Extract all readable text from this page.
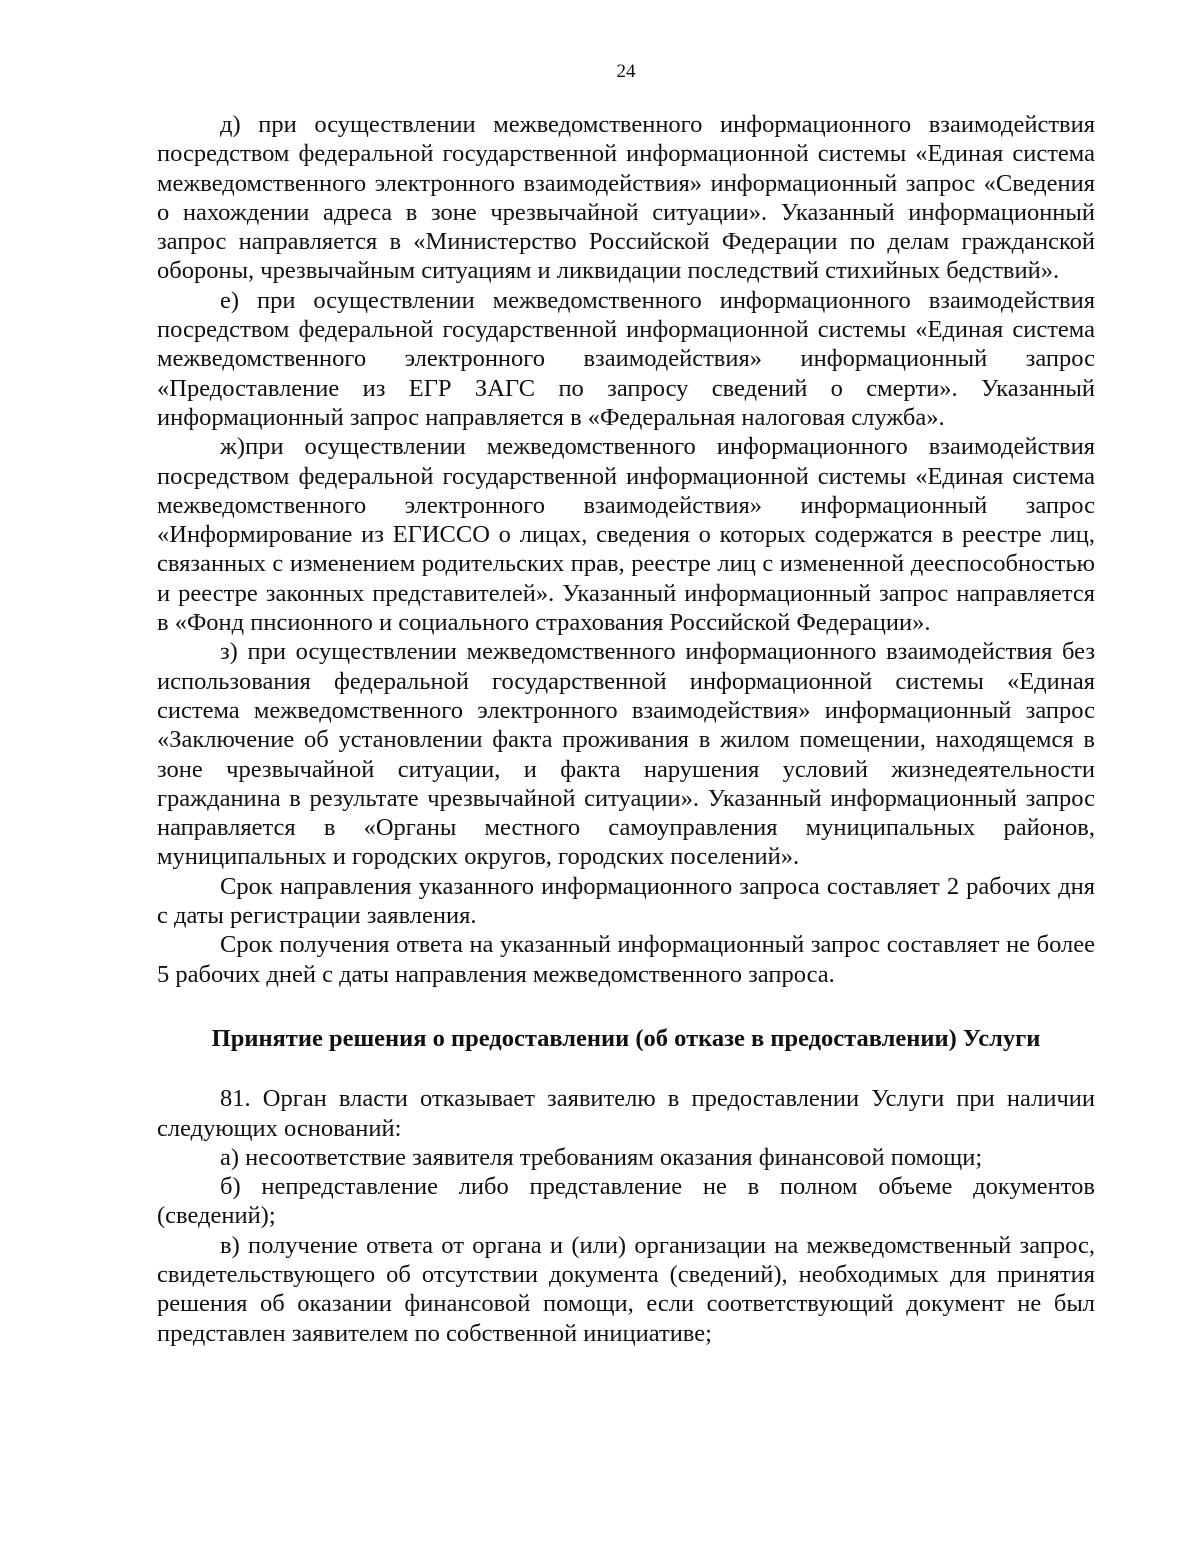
24

д) при осуществлении межведомственного информационного взаимодействия посредством федеральной государственной информационной системы «Единая система межведомственного электронного взаимодействия» информационный запрос «Сведения о нахождении адреса в зоне чрезвычайной ситуации». Указанный информационный запрос направляется в «Министерство Российской Федерации по делам гражданской обороны, чрезвычайным ситуациям и ликвидации последствий стихийных бедствий».

е) при осуществлении межведомственного информационного взаимодействия посредством федеральной государственной информационной системы «Единая система межведомственного электронного взаимодействия» информационный запрос «Предоставление из ЕГР ЗАГС по запросу сведений о смерти». Указанный информационный запрос направляется в «Федеральная налоговая служба».

ж)при осуществлении межведомственного информационного взаимодействия посредством федеральной государственной информационной системы «Единая система межведомственного электронного взаимодействия» информационный запрос «Информирование из ЕГИССО о лицах, сведения о которых содержатся в реестре лиц, связанных с изменением родительских прав, реестре лиц с измененной дееспособностью и реестре законных представителей». Указанный информационный запрос направляется в «Фонд пнсионного и социального страхования Российской Федерации».

з) при осуществлении межведомственного информационного взаимодействия без использования федеральной государственной информационной системы «Единая система межведомственного электронного взаимодействия» информационный запрос «Заключение об установлении факта проживания в жилом помещении, находящемся в зоне чрезвычайной ситуации, и факта нарушения условий жизнедеятельности гражданина в результате чрезвычайной ситуации». Указанный информационный запрос направляется в «Органы местного самоуправления муниципальных районов, муниципальных и городских округов, городских поселений».

Срок направления указанного информационного запроса составляет 2 рабочих дня с даты регистрации заявления.

Срок получения ответа на указанный информационный запрос составляет не более 5 рабочих дней с даты направления межведомственного запроса.

Принятие решения о предоставлении (об отказе в предоставлении) Услуги

81. Орган власти отказывает заявителю в предоставлении Услуги при наличии следующих оснований:

а) несоответствие заявителя требованиям оказания финансовой помощи;

б) непредставление либо представление не в полном объеме документов (сведений);

в) получение ответа от органа и (или) организации на межведомственный запрос, свидетельствующего об отсутствии документа (сведений), необходимых для принятия решения об оказании финансовой помощи, если соответствующий документ не был представлен заявителем по собственной инициативе;
